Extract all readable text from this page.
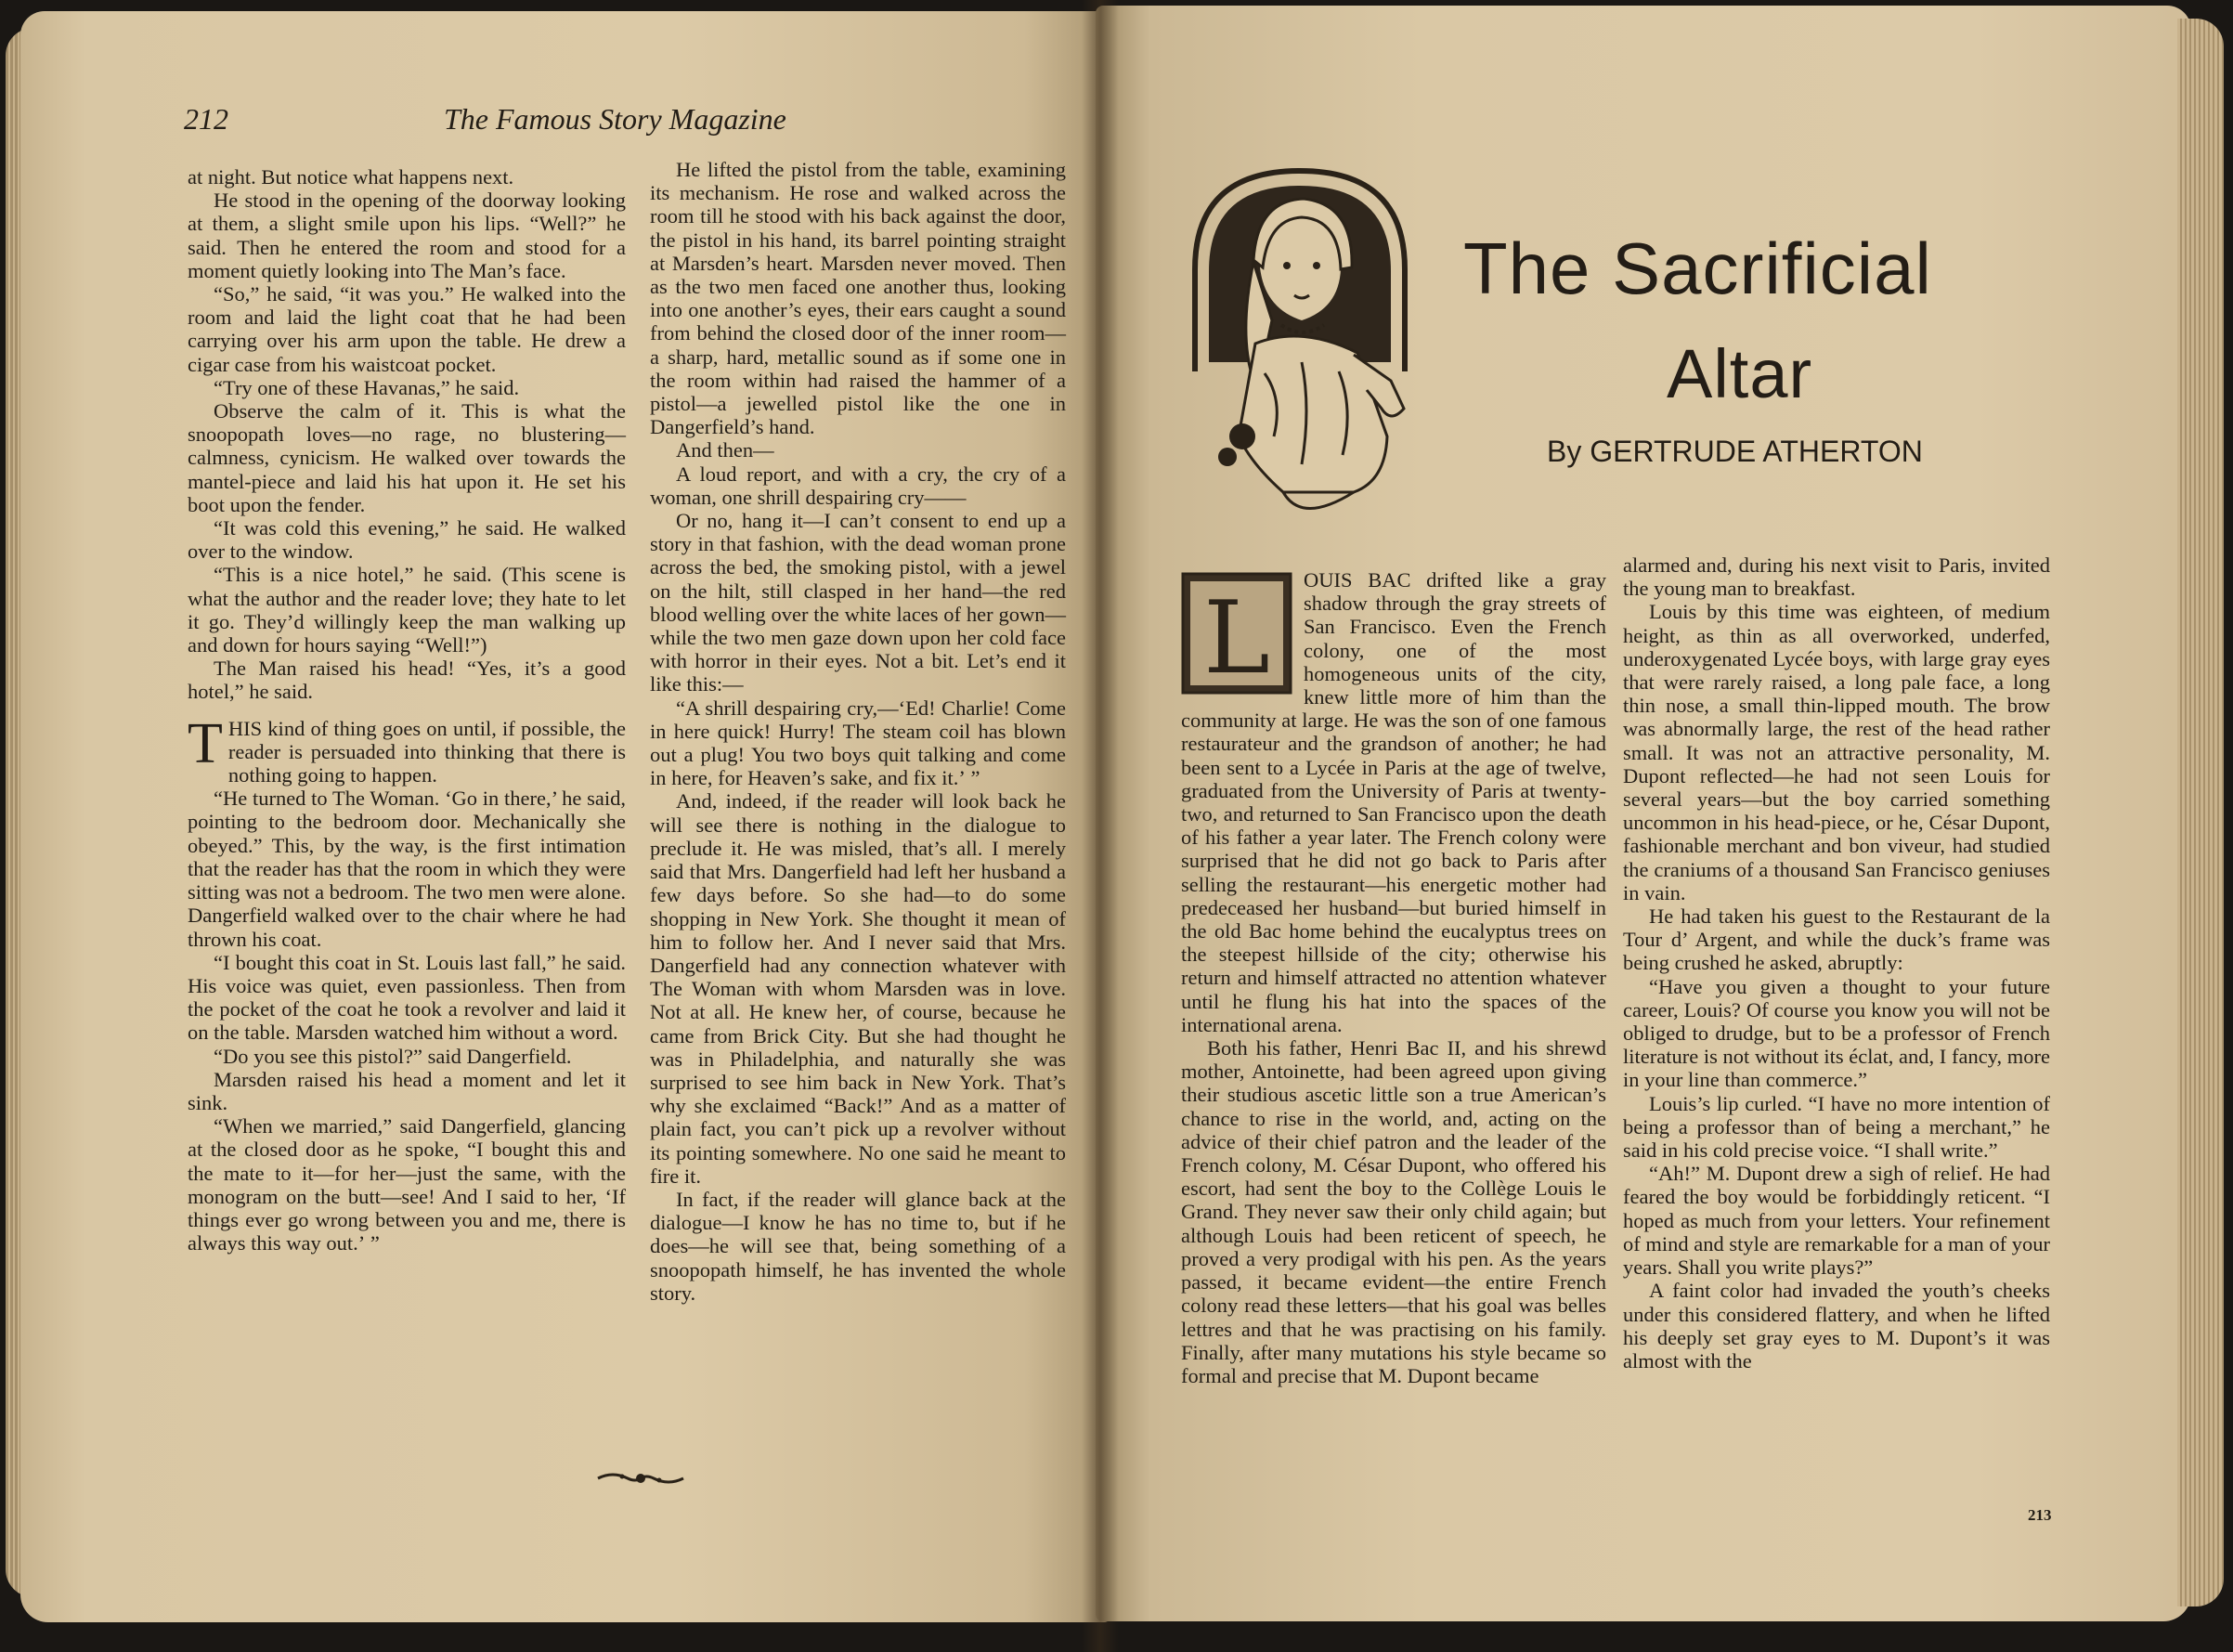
212	The Famous Story Magazine

at night. But notice what happens next.

He stood in the opening of the doorway looking at them, a slight smile upon his lips. “Well?” he said. Then he entered the room and stood for a moment quietly looking into The Man’s face.

“So,” he said, “it was you.” He walked into the room and laid the light coat that he had been carrying over his arm upon the table. He drew a cigar case from his waistcoat pocket.

“Try one of these Havanas,” he said.

Observe the calm of it. This is what the snoopopath loves—no rage, no blustering—calmness, cynicism. He walked over towards the mantel-piece and laid his hat upon it. He set his boot upon the fender.

“It was cold this evening,” he said. He walked over to the window.

“This is a nice hotel,” he said. (This scene is what the author and the reader love; they hate to let it go. They’d willingly keep the man walking up and down for hours saying “Well!”)

The Man raised his head! “Yes, it’s a good hotel,” he said.

THIS kind of thing goes on until, if possible, the reader is persuaded into thinking that there is nothing going to happen.

“He turned to The Woman. ‘Go in there,’ he said, pointing to the bedroom door. Mechanically she obeyed.” This, by the way, is the first intimation that the reader has that the room in which they were sitting was not a bedroom. The two men were alone. Dangerfield walked over to the chair where he had thrown his coat.

“I bought this coat in St. Louis last fall,” he said. His voice was quiet, even passionless. Then from the pocket of the coat he took a revolver and laid it on the table. Marsden watched him without a word.

“Do you see this pistol?” said Dangerfield.

Marsden raised his head a moment and let it sink.

“When we married,” said Dangerfield, glancing at the closed door as he spoke, “I bought this and the mate to it—for her—just the same, with the monogram on the butt—see! And I said to her, ‘If things ever go wrong between you and me, there is always this way out.’ ”

He lifted the pistol from the table, examining its mechanism. He rose and walked across the room till he stood with his back against the door, the pistol in his hand, its barrel pointing straight at Marsden’s heart. Marsden never moved. Then as the two men faced one another thus, looking into one another’s eyes, their ears caught a sound from behind the closed door of the inner room—a sharp, hard, metallic sound as if some one in the room within had raised the hammer of a pistol—a jewelled pistol like the one in Dangerfield’s hand.

And then—

A loud report, and with a cry, the cry of a woman, one shrill despairing cry——

Or no, hang it—I can’t consent to end up a story in that fashion, with the dead woman prone across the bed, the smoking pistol, with a jewel on the hilt, still clasped in her hand—the red blood welling over the white laces of her gown—while the two men gaze down upon her cold face with horror in their eyes. Not a bit. Let’s end it like this:—

“A shrill despairing cry,—‘Ed! Charlie! Come in here quick! Hurry! The steam coil has blown out a plug! You two boys quit talking and come in here, for Heaven’s sake, and fix it.’ ”

And, indeed, if the reader will look back he will see there is nothing in the dialogue to preclude it. He was misled, that’s all. I merely said that Mrs. Dangerfield had left her husband a few days before. So she had—to do some shopping in New York. She thought it mean of him to follow her. And I never said that Mrs. Dangerfield had any connection whatever with The Woman with whom Marsden was in love. Not at all. He knew her, of course, because he came from Brick City. But she had thought he was in Philadelphia, and naturally she was surprised to see him back in New York. That’s why she exclaimed “Back!” And as a matter of plain fact, you can’t pick up a revolver without its pointing somewhere. No one said he meant to fire it.

In fact, if the reader will glance back at the dialogue—I know he has no time to, but if he does—he will see that, being something of a snoopopath himself, he has invented the whole story.

The Sacrificial
Altar
By GERTRUDE ATHERTON

L
OUIS BAC drifted like a gray shadow through the gray streets of San Francisco. Even the French colony, one of the most homogeneous units of the city, knew little more of him than the community at large. He was the son of one famous restaurateur and the grandson of another; he had been sent to a Lycée in Paris at the age of twelve, graduated from the University of Paris at twenty-two, and returned to San Francisco upon the death of his father a year later. The French colony were surprised that he did not go back to Paris after selling the restaurant—his energetic mother had predeceased her husband—but buried himself in the old Bac home behind the eucalyptus trees on the steepest hillside of the city; otherwise his return and himself attracted no attention whatever until he flung his hat into the spaces of the international arena.

Both his father, Henri Bac II, and his shrewd mother, Antoinette, had been agreed upon giving their studious ascetic little son a true American’s chance to rise in the world, and, acting on the advice of their chief patron and the leader of the French colony, M. César Dupont, who offered his escort, had sent the boy to the Collège Louis le Grand. They never saw their only child again; but although Louis had been reticent of speech, he proved a very prodigal with his pen. As the years passed, it became evident—the entire French colony read these letters—that his goal was belles lettres and that he was practising on his family. Finally, after many mutations his style became so formal and precise that M. Dupont became

alarmed and, during his next visit to Paris, invited the young man to breakfast.

Louis by this time was eighteen, of medium height, as thin as all overworked, underfed, underoxygenated Lycée boys, with large gray eyes that were rarely raised, a long pale face, a long thin nose, a small thin-lipped mouth. The brow was abnormally large, the rest of the head rather small. It was not an attractive personality, M. Dupont reflected—he had not seen Louis for several years—but the boy carried something uncommon in his head-piece, or he, César Dupont, fashionable merchant and bon viveur, had studied the craniums of a thousand San Francisco geniuses in vain.

He had taken his guest to the Restaurant de la Tour d’ Argent, and while the duck’s frame was being crushed he asked, abruptly:

“Have you given a thought to your future career, Louis? Of course you know you will not be obliged to drudge, but to be a professor of French literature is not without its éclat, and, I fancy, more in your line than commerce.”

Louis’s lip curled. “I have no more intention of being a professor than of being a merchant,” he said in his cold precise voice. “I shall write.”

“Ah!” M. Dupont drew a sigh of relief. He had feared the boy would be forbiddingly reticent. “I hoped as much from your letters. Your refinement of mind and style are remarkable for a man of your years. Shall you write plays?”

A faint color had invaded the youth’s cheeks under this considered flattery, and when he lifted his deeply set gray eyes to M. Dupont’s it was almost with the

213
